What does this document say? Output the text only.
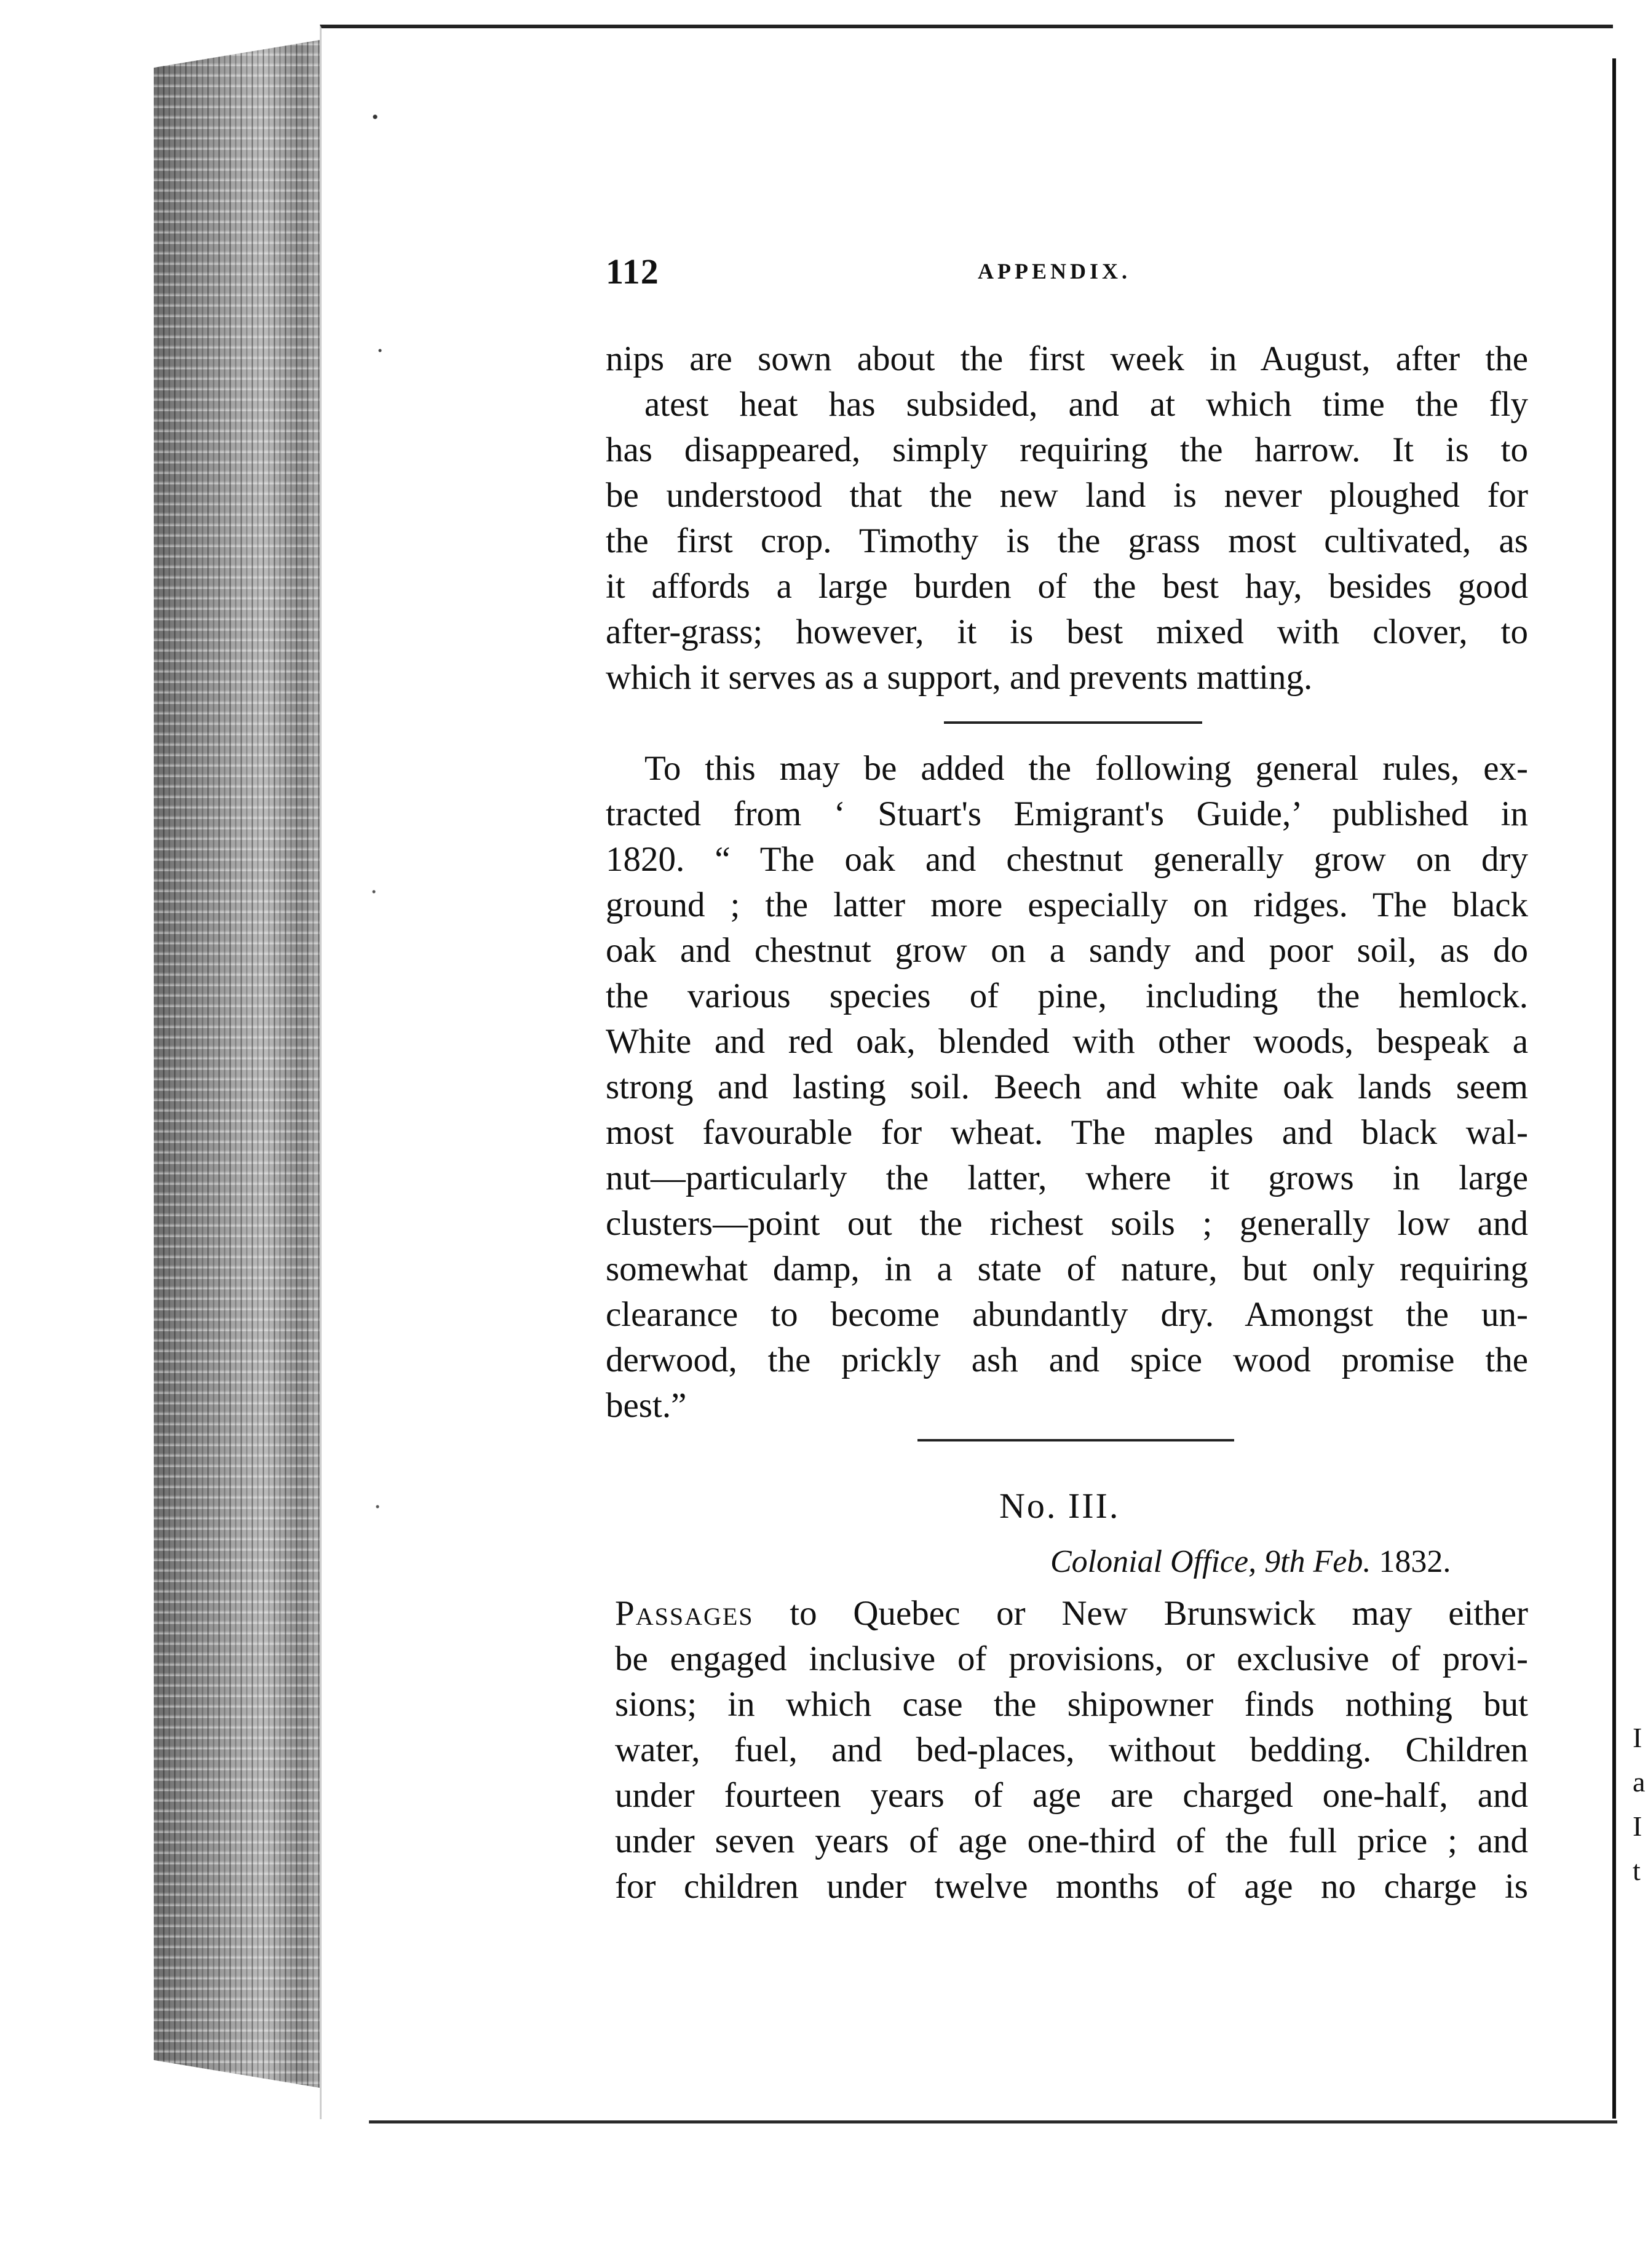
I
a
I
t
112	APPENDIX.
nips are sown about the first week in August, after the
atest heat has subsided, and at which time the fly
has disappeared, simply requiring the harrow. It is to
be understood that the new land is never ploughed for
the first crop. Timothy is the grass most cultivated, as
it affords a large burden of the best hay, besides good
after-grass; however, it is best mixed with clover, to
which it serves as a support, and prevents matting.
To this may be added the following general rules, ex-
tracted from ‘ Stuart's Emigrant's Guide,’ published in
1820. “ The oak and chestnut generally grow on dry
ground ; the latter more especially on ridges. The black
oak and chestnut grow on a sandy and poor soil, as do
the various species of pine, including the hemlock.
White and red oak, blended with other woods, bespeak a
strong and lasting soil. Beech and white oak lands seem
most favourable for wheat. The maples and black wal-
nut—particularly the latter, where it grows in large
clusters—point out the richest soils ; generally low and
somewhat damp, in a state of nature, but only requiring
clearance to become abundantly dry. Amongst the un-
derwood, the prickly ash and spice wood promise the
best.”
No. III.
Colonial Office, 9th Feb. 1832.
Passages to Quebec or New Brunswick may either
be engaged inclusive of provisions, or exclusive of provi-
sions; in which case the shipowner finds nothing but
water, fuel, and bed-places, without bedding. Children
under fourteen years of age are charged one-half, and
under seven years of age one-third of the full price ; and
for children under twelve months of age no charge is
